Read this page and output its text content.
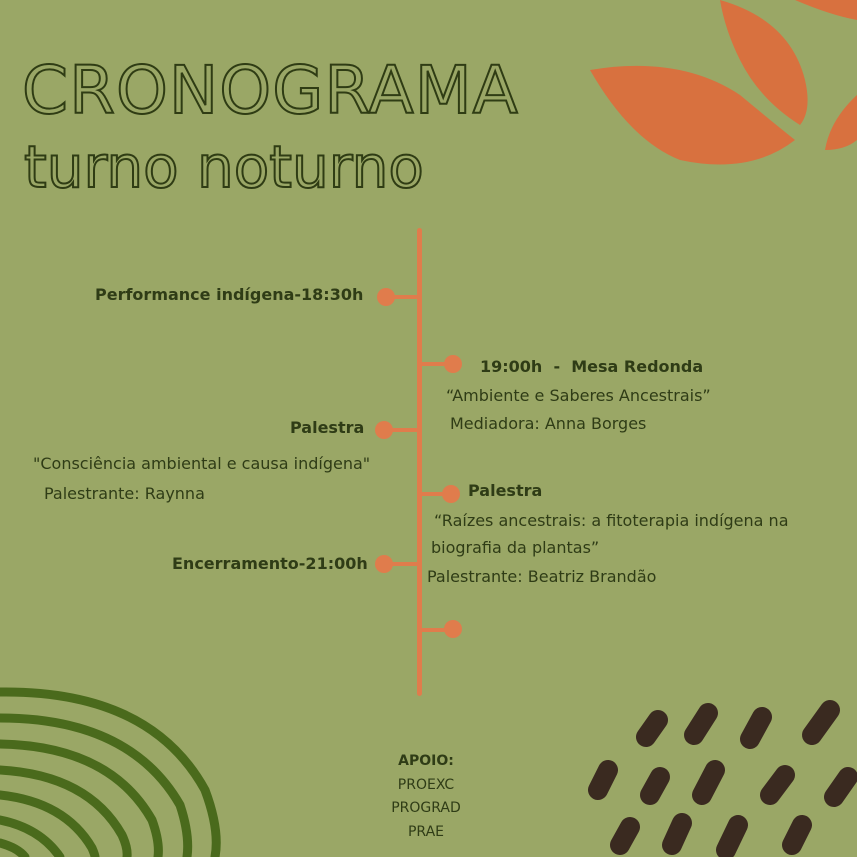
CRONOGRAMA
turno noturno
Performance indígena-18:30h
Palestra
"Consciência ambiental e causa indígena"
Palestrante: Raynna
Encerramento-21:00h
19:00h  -  Mesa Redonda
“Ambiente e Saberes Ancestrais”
Mediadora: Anna Borges
Palestra
“Raízes ancestrais: a fitoterapia indígena na
biografia da plantas”
Palestrante: Beatriz Brandão
APOIO:
PROEXC
PROGRAD
PRAE
